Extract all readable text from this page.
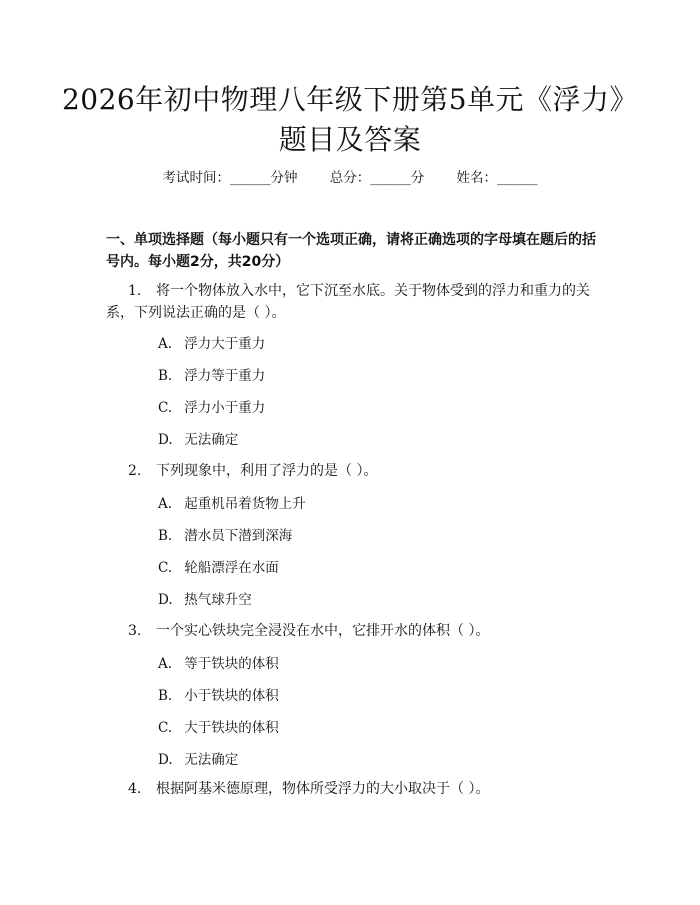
2026年初中物理八年级下册第5单元《浮力》题目及答案
考试时间：______分钟 总分：______分 姓名：______
一、单项选择题（每小题只有一个选项正确，请将正确选项的字母填在题后的括号内。每小题2分，共20分）
1. 将一个物体放入水中，它下沉至水底。关于物体受到的浮力和重力的关系，下列说法正确的是（ ）。
A. 浮力大于重力
B. 浮力等于重力
C. 浮力小于重力
D. 无法确定
2. 下列现象中，利用了浮力的是（ ）。
A. 起重机吊着货物上升
B. 潜水员下潜到深海
C. 轮船漂浮在水面
D. 热气球升空
3. 一个实心铁块完全浸没在水中，它排开水的体积（ ）。
A. 等于铁块的体积
B. 小于铁块的体积
C. 大于铁块的体积
D. 无法确定
4. 根据阿基米德原理，物体所受浮力的大小取决于（ ）。
